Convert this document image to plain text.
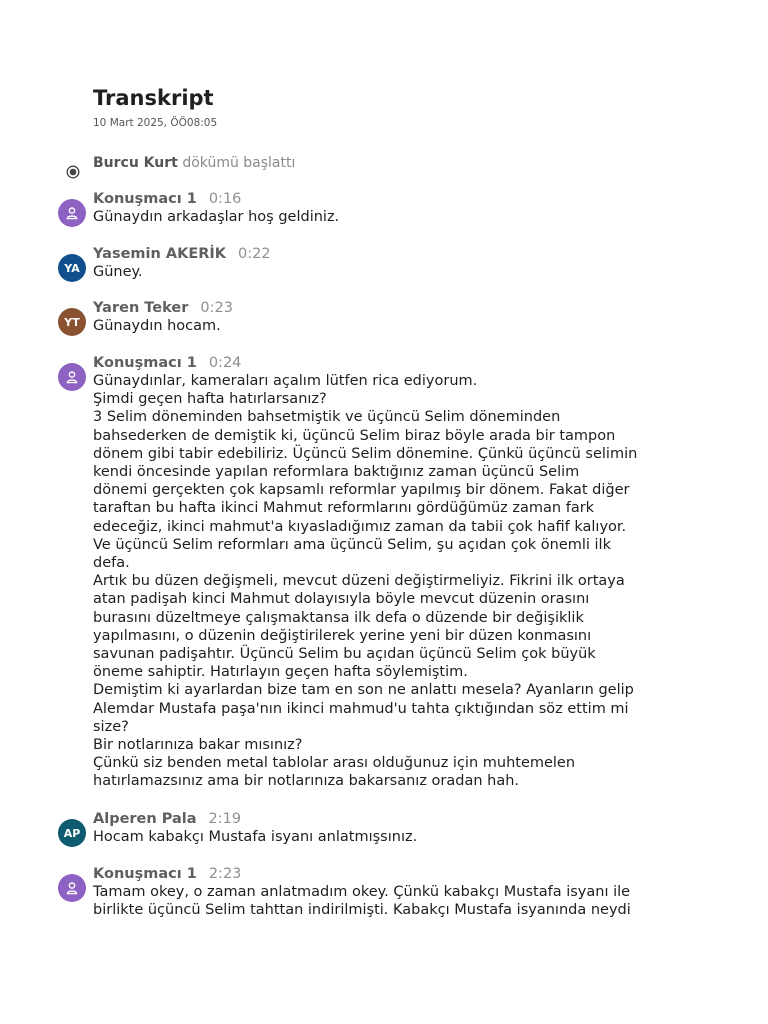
Transkript
10 Mart 2025, ÖÖ08:05
Burcu Kurt dökümü başlattı
Konuşmacı 1 0:16
Günaydın arkadaşlar hoş geldiniz.
YA
Yasemin AKERİK 0:22
Güney.
YT
Yaren Teker 0:23
Günaydın hocam.
Konuşmacı 1 0:24
Günaydınlar, kameraları açalım lütfen rica ediyorum.
Şimdi geçen hafta hatırlarsanız?
3 Selim döneminden bahsetmiştik ve üçüncü Selim döneminden
bahsederken de demiştik ki, üçüncü Selim biraz böyle arada bir tampon
dönem gibi tabir edebiliriz. Üçüncü Selim dönemine. Çünkü üçüncü selimin
kendi öncesinde yapılan reformlara baktığınız zaman üçüncü Selim
dönemi gerçekten çok kapsamlı reformlar yapılmış bir dönem. Fakat diğer
taraftan bu hafta ikinci Mahmut reformlarını gördüğümüz zaman fark
edeceğiz, ikinci mahmut'a kıyasladığımız zaman da tabii çok hafif kalıyor.
Ve üçüncü Selim reformları ama üçüncü Selim, şu açıdan çok önemli ilk
defa.
Artık bu düzen değişmeli, mevcut düzeni değiştirmeliyiz. Fikrini ilk ortaya
atan padişah kinci Mahmut dolayısıyla böyle mevcut düzenin orasını
burasını düzeltmeye çalışmaktansa ilk defa o düzende bir değişiklik
yapılmasını, o düzenin değiştirilerek yerine yeni bir düzen konmasını
savunan padişahtır. Üçüncü Selim bu açıdan üçüncü Selim çok büyük
öneme sahiptir. Hatırlayın geçen hafta söylemiştim.
Demiştim ki ayarlardan bize tam en son ne anlattı mesela? Ayanların gelip
Alemdar Mustafa paşa'nın ikinci mahmud'u tahta çıktığından söz ettim mi
size?
Bir notlarınıza bakar mısınız?
Çünkü siz benden metal tablolar arası olduğunuz için muhtemelen
hatırlamazsınız ama bir notlarınıza bakarsanız oradan hah.
AP
Alperen Pala 2:19
Hocam kabakçı Mustafa isyanı anlatmışsınız.
Konuşmacı 1 2:23
Tamam okey, o zaman anlatmadım okey. Çünkü kabakçı Mustafa isyanı ile
birlikte üçüncü Selim tahttan indirilmişti. Kabakçı Mustafa isyanında neydi
